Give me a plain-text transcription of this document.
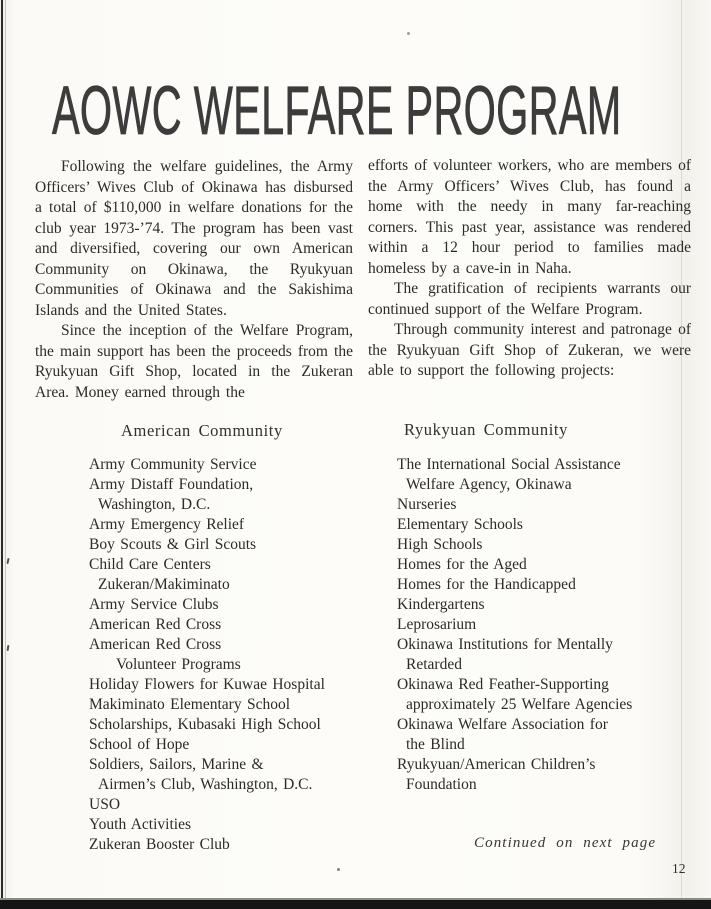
AOWC WELFARE PROGRAM

Following the welfare guidelines, the Army Officers’ Wives Club of Okinawa has disbursed a total of $110,000 in welfare donations for the club year 1973-’74. The program has been vast and diversified, covering our own American Community on Okinawa, the Ryukyuan Communities of Okinawa and the Sakishima Islands and the United States.

Since the inception of the Welfare Program, the main support has been the proceeds from the Ryukyuan Gift Shop, located in the Zukeran Area. Money earned through the

efforts of volunteer workers, who are members of the Army Officers’ Wives Club, has found a home with the needy in many far-reaching corners. This past year, assistance was rendered within a 12 hour period to families made homeless by a cave-in in Naha.

The gratification of recipients warrants our continued support of the Welfare Program.

Through community interest and patronage of the Ryukyuan Gift Shop of Zukeran, we were able to support the following projects:

American Community	Ryukyuan Community
Army Community Service
Army Distaff Foundation,
Washington, D.C.
Army Emergency Relief
Boy Scouts & Girl Scouts
Child Care Centers
Zukeran/Makiminato
Army Service Clubs
American Red Cross
American Red Cross
Volunteer Programs
Holiday Flowers for Kuwae Hospital
Makiminato Elementary School
Scholarships, Kubasaki High School
School of Hope
Soldiers, Sailors, Marine &
Airmen’s Club, Washington, D.C.
USO
Youth Activities
Zukeran Booster Club
The International Social Assistance
Welfare Agency, Okinawa
Nurseries
Elementary Schools
High Schools
Homes for the Aged
Homes for the Handicapped
Kindergartens
Leprosarium
Okinawa Institutions for Mentally
Retarded
Okinawa Red Feather-Supporting
approximately 25 Welfare Agencies
Okinawa Welfare Association for
the Blind
Ryukyuan/American Children’s
Foundation
Continued on next page
12
